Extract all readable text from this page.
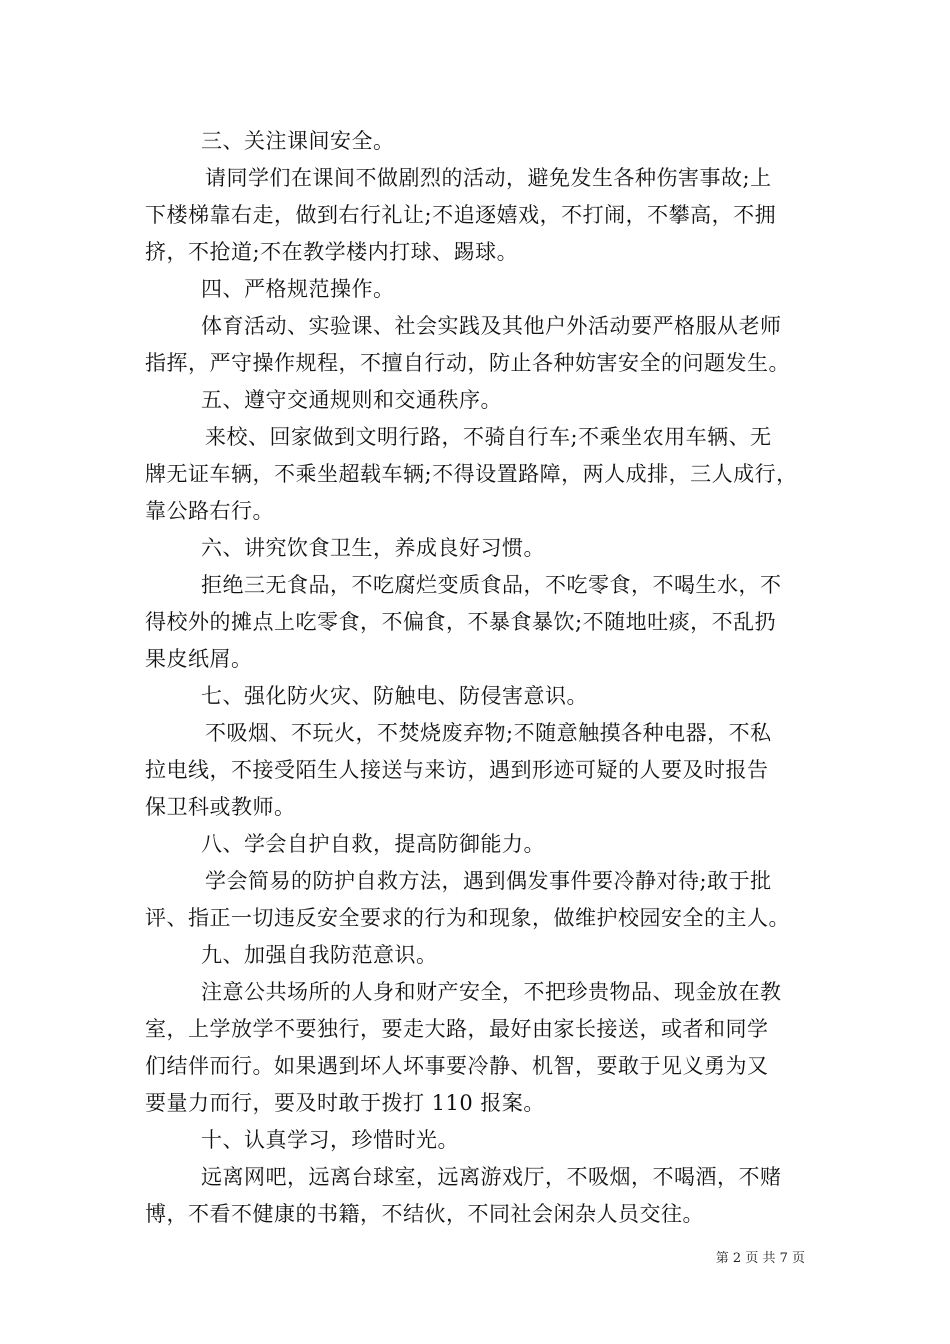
三、关注课间安全。
请同学们在课间不做剧烈的活动，避免发生各种伤害事故;上
下楼梯靠右走，做到右行礼让;不追逐嬉戏，不打闹，不攀高，不拥
挤，不抢道;不在教学楼内打球、踢球。
四、严格规范操作。
体育活动、实验课、社会实践及其他户外活动要严格服从老师
指挥，严守操作规程，不擅自行动，防止各种妨害安全的问题发生。
五、遵守交通规则和交通秩序。
来校、回家做到文明行路，不骑自行车;不乘坐农用车辆、无
牌无证车辆，不乘坐超载车辆;不得设置路障，两人成排，三人成行，
靠公路右行。
六、讲究饮食卫生，养成良好习惯。
拒绝三无食品，不吃腐烂变质食品，不吃零食，不喝生水，不
得校外的摊点上吃零食，不偏食，不暴食暴饮;不随地吐痰，不乱扔
果皮纸屑。
七、强化防火灾、防触电、防侵害意识。
不吸烟、不玩火，不焚烧废弃物;不随意触摸各种电器，不私
拉电线，不接受陌生人接送与来访，遇到形迹可疑的人要及时报告
保卫科或教师。
八、学会自护自救，提高防御能力。
学会简易的防护自救方法，遇到偶发事件要冷静对待;敢于批
评、指正一切违反安全要求的行为和现象，做维护校园安全的主人。
九、加强自我防范意识。
注意公共场所的人身和财产安全，不把珍贵物品、现金放在教
室，上学放学不要独行，要走大路，最好由家长接送，或者和同学
们结伴而行。如果遇到坏人坏事要冷静、机智，要敢于见义勇为又
要量力而行，要及时敢于拨打 110 报案。
十、认真学习，珍惜时光。
远离网吧，远离台球室，远离游戏厅，不吸烟，不喝酒，不赌
博，不看不健康的书籍，不结伙，不同社会闲杂人员交往。
第 2 页 共 7 页
